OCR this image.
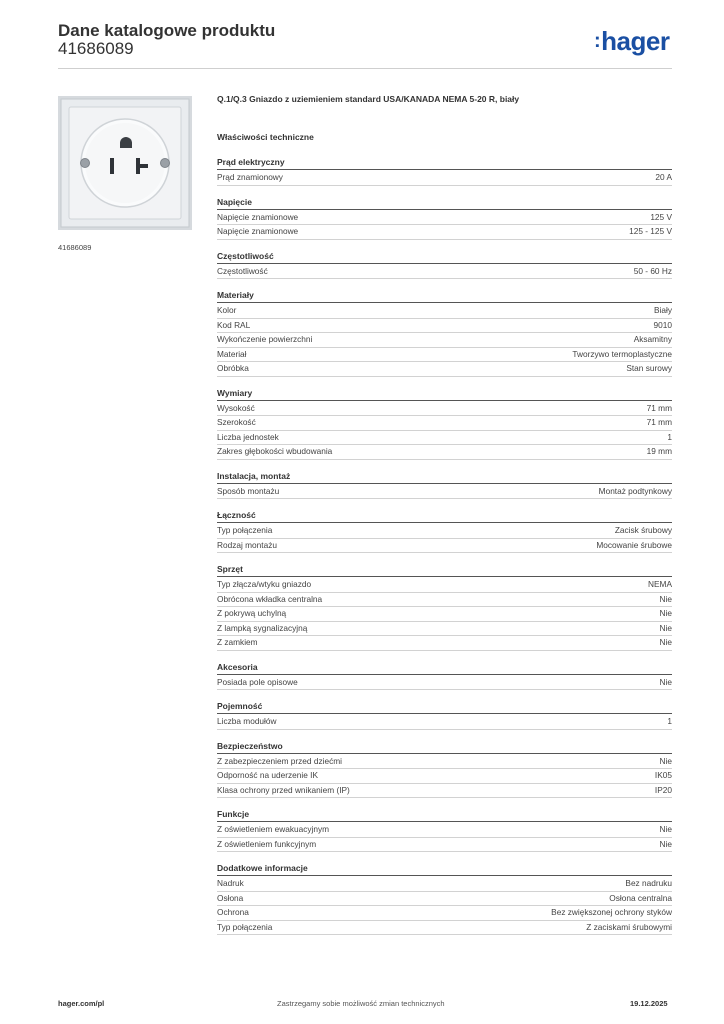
Dane katalogowe produktu
41686089	:hager
41686089
Q.1/Q.3 Gniazdo z uziemieniem standard USA/KANADA NEMA 5-20 R, biały
Właściwości techniczne
Prąd elektryczny
Prąd znamionowy	20 A
Napięcie
Napięcie znamionowe	125 V
Napięcie znamionowe	125 - 125 V
Częstotliwość
Częstotliwość	50 - 60 Hz
Materiały
Kolor	Biały
Kod RAL	9010
Wykończenie powierzchni	Aksamitny
Materiał	Tworzywo termoplastyczne
Obróbka	Stan surowy
Wymiary
Wysokość	71 mm
Szerokość	71 mm
Liczba jednostek	1
Zakres głębokości wbudowania	19 mm
Instalacja, montaż
Sposób montażu	Montaż podtynkowy
Łączność
Typ połączenia	Zacisk śrubowy
Rodzaj montażu	Mocowanie śrubowe
Sprzęt
Typ złącza/wtyku gniazdo	NEMA
Obrócona wkładka centralna	Nie
Z pokrywą uchylną	Nie
Z lampką sygnalizacyjną	Nie
Z zamkiem	Nie
Akcesoria
Posiada pole opisowe	Nie
Pojemność
Liczba modułów	1
Bezpieczeństwo
Z zabezpieczeniem przed dziećmi	Nie
Odporność na uderzenie IK	IK05
Klasa ochrony przed wnikaniem (IP)	IP20
Funkcje
Z oświetleniem ewakuacyjnym	Nie
Z oświetleniem funkcyjnym	Nie
Dodatkowe informacje
Nadruk	Bez nadruku
Osłona	Osłona centralna
Ochrona	Bez zwiększonej ochrony styków
Typ połączenia	Z zaciskami śrubowymi
hager.com/pl	Zastrzegamy sobie możliwość zmian technicznych	19.12.2025
